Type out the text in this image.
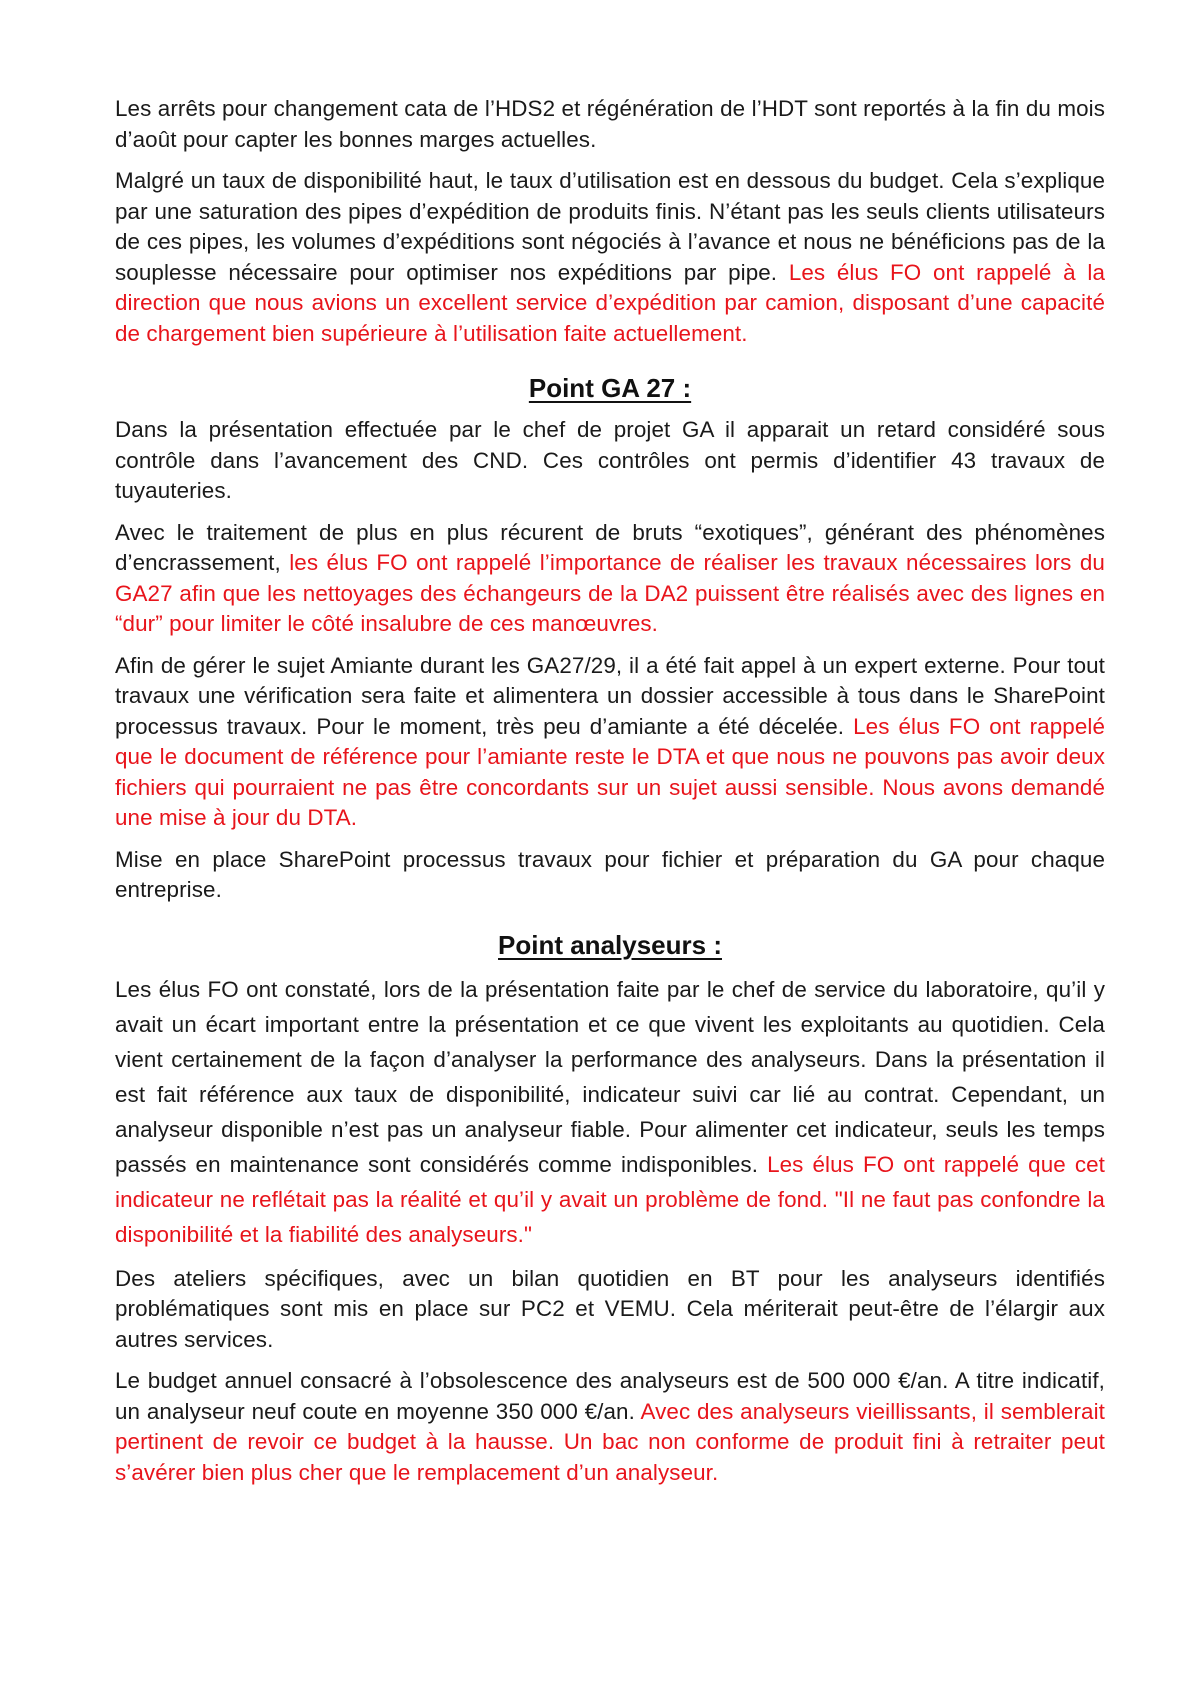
Les arrêts pour changement cata de l’HDS2 et régénération de l’HDT sont reportés à la fin du mois d’août pour capter les bonnes marges actuelles.

Malgré un taux de disponibilité haut, le taux d’utilisation est en dessous du budget. Cela s’explique par une saturation des pipes d’expédition de produits finis. N’étant pas les seuls clients utilisateurs de ces pipes, les volumes d’expéditions sont négociés à l’avance et nous ne bénéficions pas de la souplesse nécessaire pour optimiser nos expéditions par pipe. Les élus FO ont rappelé à la direction que nous avions un excellent service d’expédition par camion, disposant d’une capacité de chargement bien supérieure à l’utilisation faite actuellement.

Point GA 27 :

Dans la présentation effectuée par le chef de projet GA il apparait un retard considéré sous contrôle dans l’avancement des CND. Ces contrôles ont permis d’identifier 43 travaux de tuyauteries.

Avec le traitement de plus en plus récurent de bruts “exotiques”, générant des phénomènes d’encrassement, les élus FO ont rappelé l’importance de réaliser les travaux nécessaires lors du GA27 afin que les nettoyages des échangeurs de la DA2 puissent être réalisés avec des lignes en “dur” pour limiter le côté insalubre de ces manœuvres.

Afin de gérer le sujet Amiante durant les GA27/29, il a été fait appel à un expert externe. Pour tout travaux une vérification sera faite et alimentera un dossier accessible à tous dans le SharePoint processus travaux. Pour le moment, très peu d’amiante a été décelée. Les élus FO ont rappelé que le document de référence pour l’amiante reste le DTA et que nous ne pouvons pas avoir deux fichiers qui pourraient ne pas être concordants sur un sujet aussi sensible. Nous avons demandé une mise à jour du DTA.

Mise en place SharePoint processus travaux pour fichier et préparation du GA pour chaque entreprise.

Point analyseurs :

Les élus FO ont constaté, lors de la présentation faite par le chef de service du laboratoire, qu’il y avait un écart important entre la présentation et ce que vivent les exploitants au quotidien. Cela vient certainement de la façon d’analyser la performance des analyseurs. Dans la présentation il est fait référence aux taux de disponibilité, indicateur suivi car lié au contrat. Cependant, un analyseur disponible n’est pas un analyseur fiable. Pour alimenter cet indicateur, seuls les temps passés en maintenance sont considérés comme indisponibles. Les élus FO ont rappelé que cet indicateur ne reflétait pas la réalité et qu’il y avait un problème de fond. "Il ne faut pas confondre la disponibilité et la fiabilité des analyseurs."

Des ateliers spécifiques, avec un bilan quotidien en BT pour les analyseurs identifiés problématiques sont mis en place sur PC2 et VEMU. Cela mériterait peut-être de l’élargir aux autres services.

Le budget annuel consacré à l’obsolescence des analyseurs est de 500 000 €/an. A titre indicatif, un analyseur neuf coute en moyenne 350 000 €/an. Avec des analyseurs vieillissants, il semblerait pertinent de revoir ce budget à la hausse. Un bac non conforme de produit fini à retraiter peut s’avérer bien plus cher que le remplacement d’un analyseur.
